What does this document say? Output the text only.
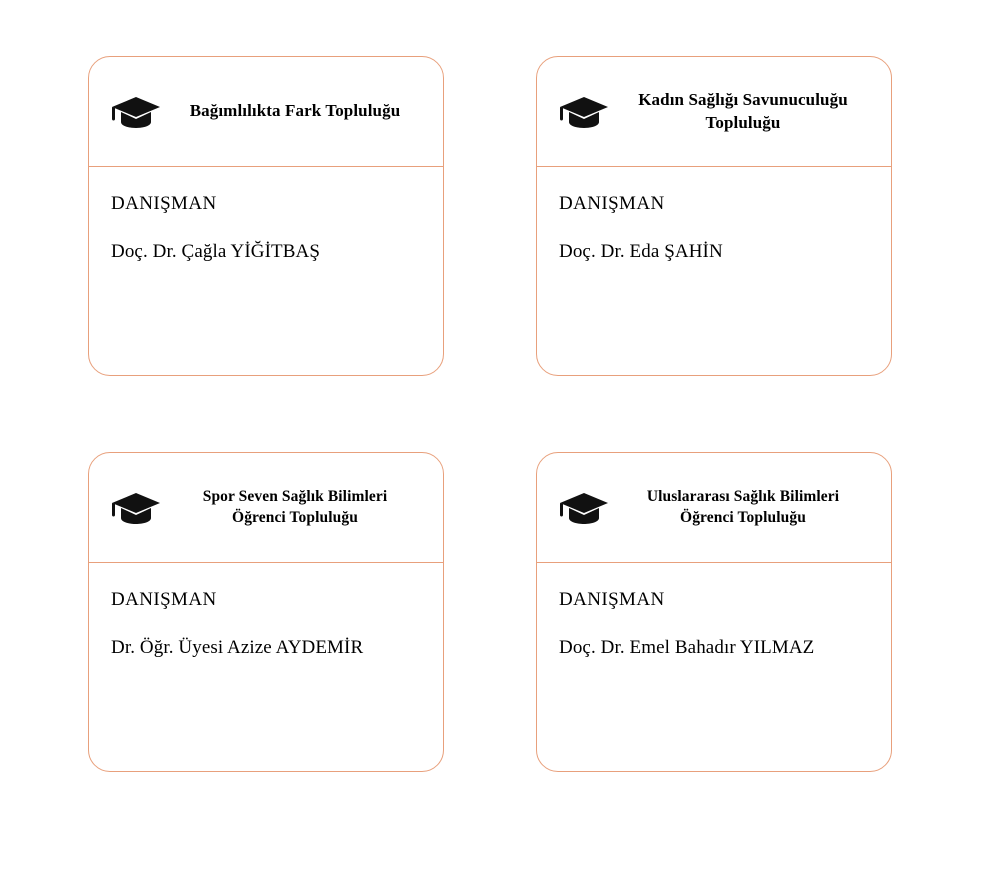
Bağımlılıkta Fark Topluluğu

DANIŞMAN

Doç. Dr. Çağla YİĞİTBAŞ

Kadın Sağlığı Savunuculuğu Topluluğu

DANIŞMAN

Doç. Dr. Eda ŞAHİN

Spor Seven Sağlık Bilimleri Öğrenci Topluluğu

DANIŞMAN

Dr. Öğr. Üyesi Azize AYDEMİR

Uluslararası Sağlık Bilimleri Öğrenci Topluluğu

DANIŞMAN

Doç. Dr. Emel Bahadır YILMAZ
